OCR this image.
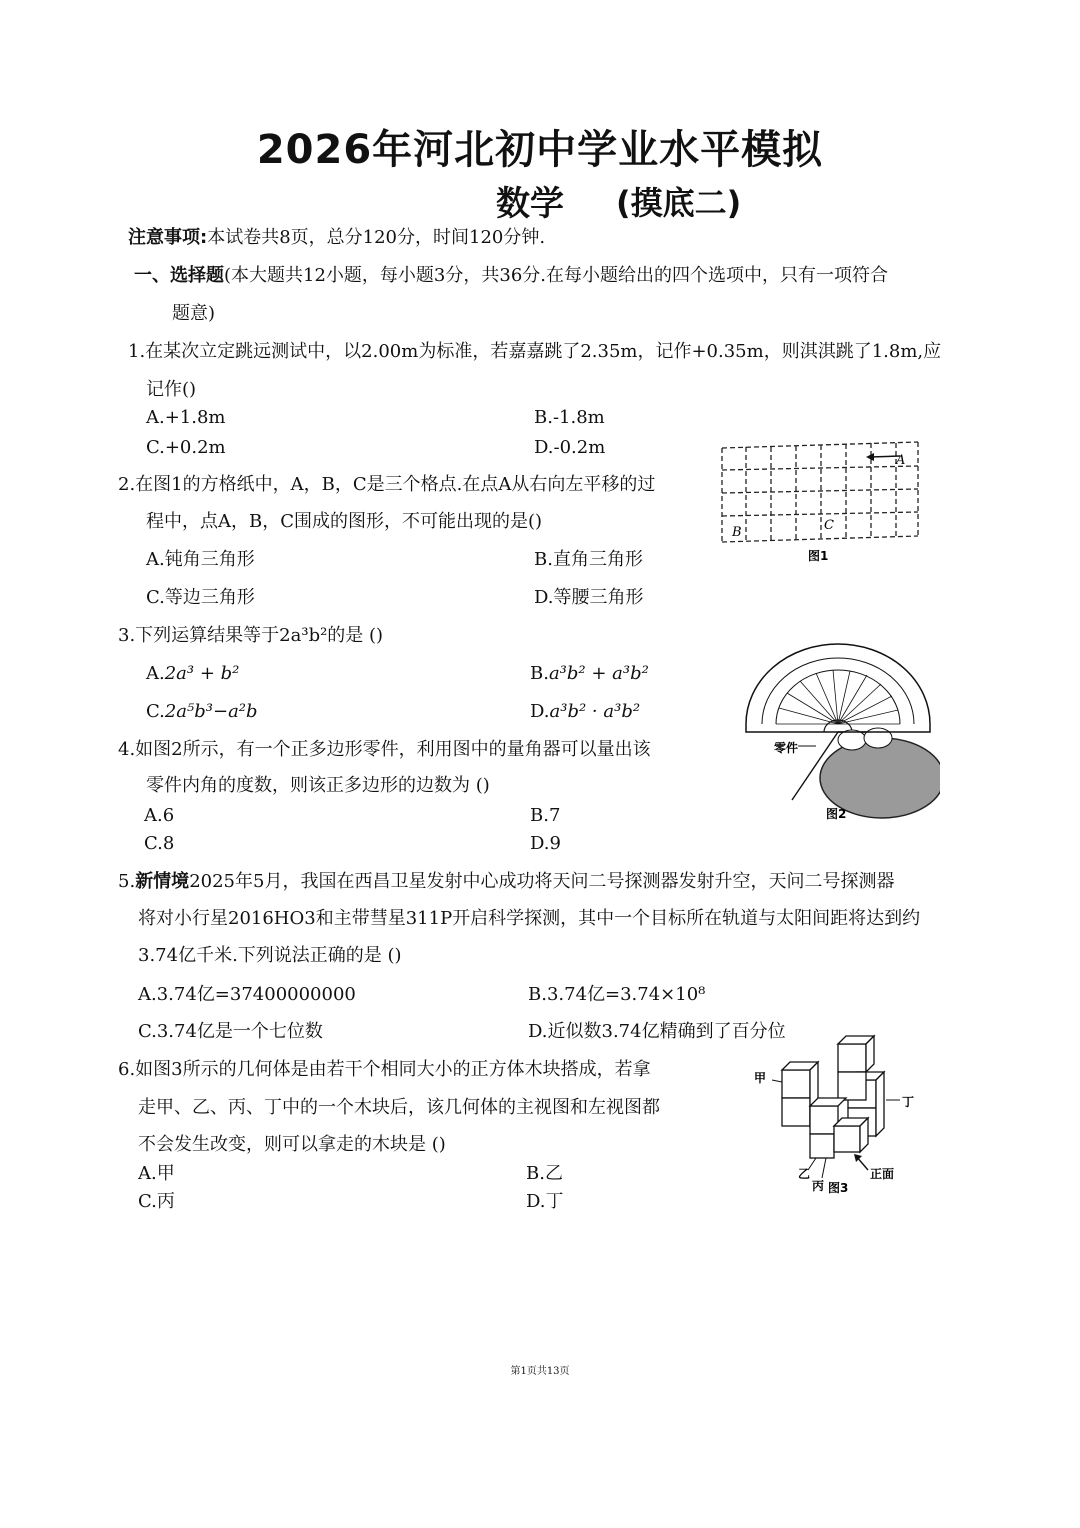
2026年河北初中学业水平模拟
数学 (摸底二)
注意事项:本试卷共8页，总分120分，时间120分钟.
一、选择题(本大题共12小题，每小题3分，共36分.在每小题给出的四个选项中，只有一项符合
题意)
1.在某次立定跳远测试中，以2.00m为标准，若嘉嘉跳了2.35m，记作+0.35m，则淇淇跳了1.8m,应
记作()
A.+1.8m	B.-1.8m
C.+0.2m	D.-0.2m
2.在图1的方格纸中，A，B，C是三个格点.在点A从右向左平移的过
程中，点A，B，C围成的图形，不可能出现的是()
A.钝角三角形	B.直角三角形
C.等边三角形	D.等腰三角形
A
B	C
图1
3.下列运算结果等于2a³b²的是 ()
A.2a³ + b²	B.a³b² + a³b²
C.2a⁵b³−a²b	D.a³b² · a³b²
零件
图2
4.如图2所示，有一个正多边形零件，利用图中的量角器可以量出该
零件内角的度数，则该正多边形的边数为 ()
A.6	B.7
C.8	D.9
5.新情境2025年5月，我国在西昌卫星发射中心成功将天问二号探测器发射升空，天问二号探测器
将对小行星2016HO3和主带彗星311P开启科学探测，其中一个目标所在轨道与太阳间距将达到约
3.74亿千米.下列说法正确的是 ()
A.3.74亿=37400000000	B.3.74亿=3.74×10⁸
C.3.74亿是一个七位数	D.近似数3.74亿精确到了百分位
6.如图3所示的几何体是由若干个相同大小的正方体木块搭成，若拿
走甲、乙、丙、丁中的一个木块后，该几何体的主视图和左视图都
不会发生改变，则可以拿走的木块是 ()
A.甲	B.乙
C.丙	D.丁
甲
丁
乙
丙
正面
图3
第1页共13页
